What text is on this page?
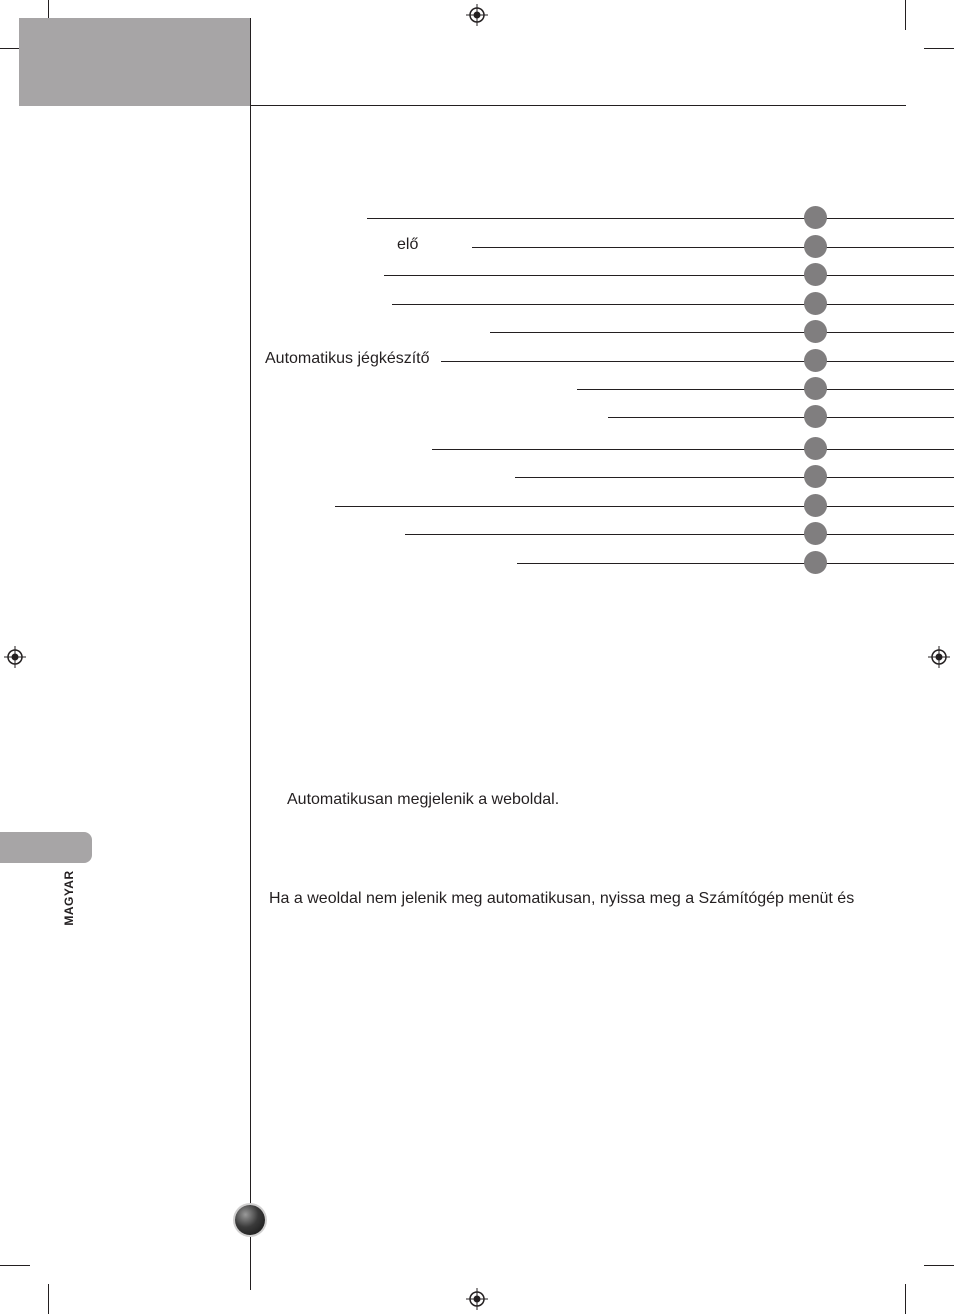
elő
Automatikus jégkészítő

Automatikusan megjelenik a weboldal.

Ha a weoldal nem jelenik meg automatikusan, nyissa meg a Számítógép menüt és

MAGYAR
